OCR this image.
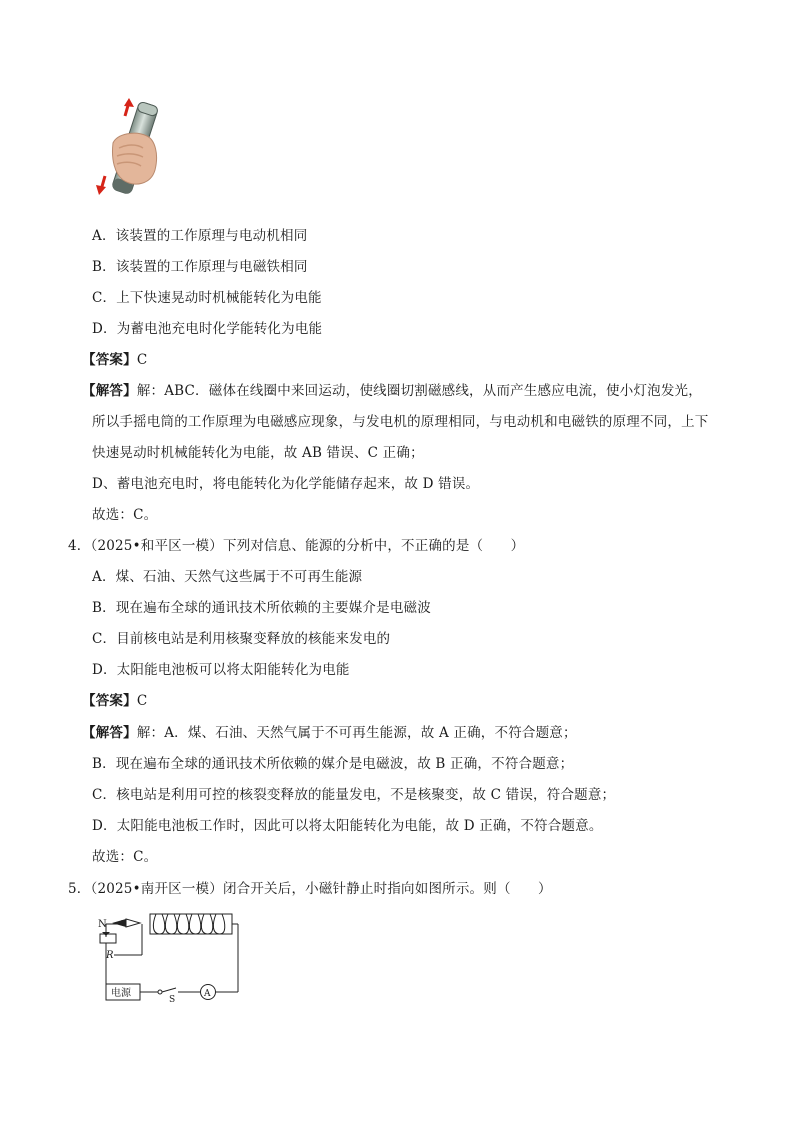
A．该装置的工作原理与电动机相同
B．该装置的工作原理与电磁铁相同
C．上下快速晃动时机械能转化为电能
D．为蓄电池充电时化学能转化为电能
【答案】C
【解答】解：ABC．磁体在线圈中来回运动，使线圈切割磁感线，从而产生感应电流，使小灯泡发光，
所以手摇电筒的工作原理为电磁感应现象，与发电机的原理相同，与电动机和电磁铁的原理不同，上下
快速晃动时机械能转化为电能，故 AB 错误、C 正确；
D、蓄电池充电时，将电能转化为化学能储存起来，故 D 错误。
故选：C。
4．（2025•和平区一模）下列对信息、能源的分析中，不正确的是（　　）
A．煤、石油、天然气这些属于不可再生能源
B．现在遍布全球的通讯技术所依赖的主要媒介是电磁波
C．目前核电站是利用核聚变释放的核能来发电的
D．太阳能电池板可以将太阳能转化为电能
【答案】C
【解答】解：A．煤、石油、天然气属于不可再生能源，故 A 正确，不符合题意；
B．现在遍布全球的通讯技术所依赖的媒介是电磁波，故 B 正确，不符合题意；
C．核电站是利用可控的核裂变释放的能量发电，不是核聚变，故 C 错误，符合题意；
D．太阳能电池板工作时，因此可以将太阳能转化为电能，故 D 正确，不符合题意。
故选：C。
5．（2025•南开区一模）闭合开关后，小磁针静止时指向如图所示。则（　　）
N
R
电源
S
A
